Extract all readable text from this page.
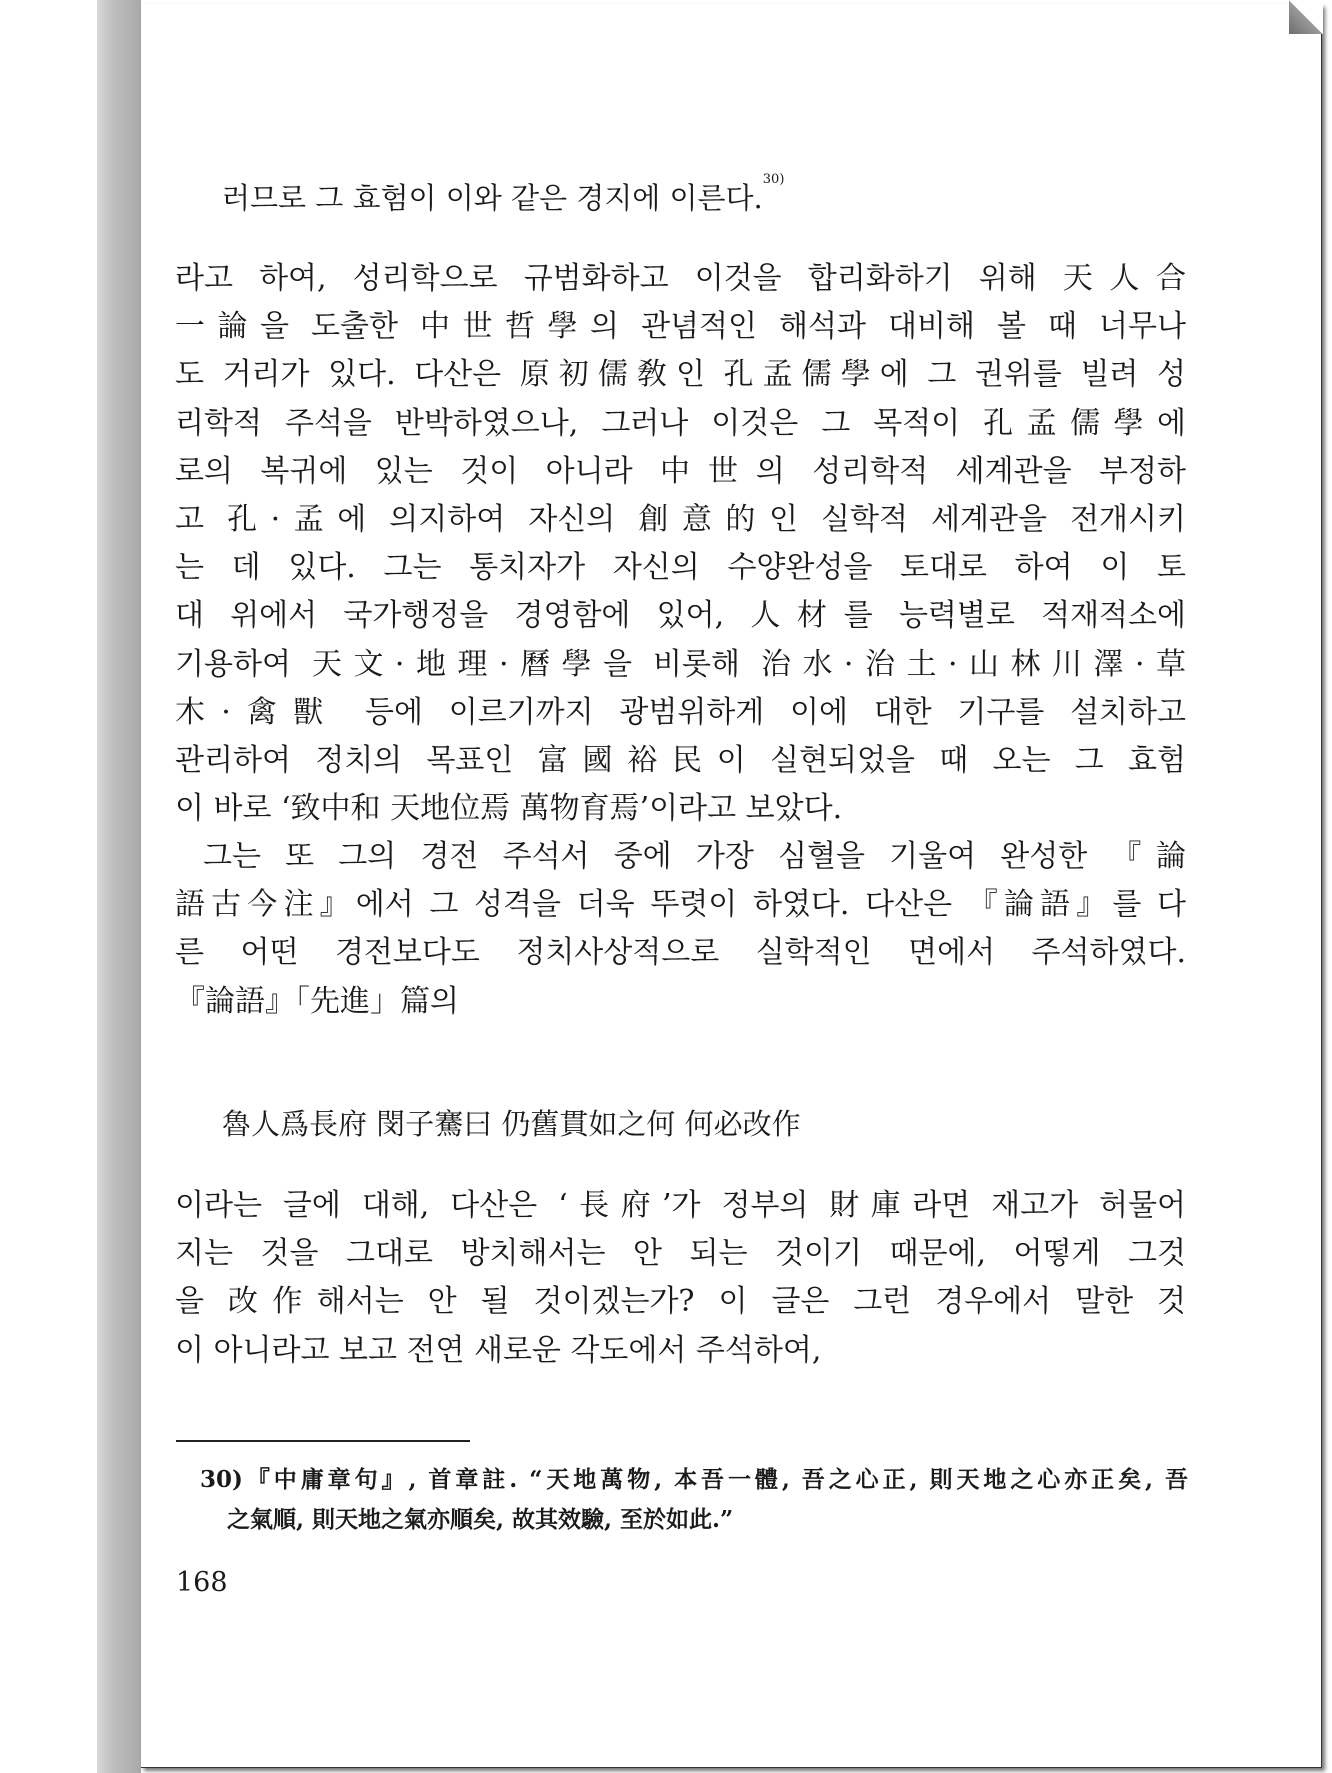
러므로 그 효험이 이와 같은 경지에 이른다.$^{30)}$
라고 하여, 성리학으로 규범화하고 이것을 합리화하기 위해 天人合
一論을 도출한 中世哲學의 관념적인 해석과 대비해 볼 때 너무나
도 거리가 있다. 다산은 原初儒敎인 孔孟儒學에 그 권위를 빌려 성
리학적 주석을 반박하였으나, 그러나 이것은 그 목적이 孔孟儒學에
로의 복귀에 있는 것이 아니라 中世의 성리학적 세계관을 부정하
고 孔·孟에 의지하여 자신의 創意的인 실학적 세계관을 전개시키
는 데 있다. 그는 통치자가 자신의 수양완성을 토대로 하여 이 토
대 위에서 국가행정을 경영함에 있어, 人材를 능력별로 적재적소에
기용하여 天文·地理·曆學을 비롯해 治水·治土·山林川澤·草
木·禽獸 등에 이르기까지 광범위하게 이에 대한 기구를 설치하고
관리하여 정치의 목표인 富國裕民이 실현되었을 때 오는 그 효험
이 바로 ‘致中和 天地位焉 萬物育焉’이라고 보았다.
그는 또 그의 경전 주석서 중에 가장 심혈을 기울여 완성한 『論
語古今注』에서 그 성격을 더욱 뚜렷이 하였다. 다산은 『論語』를 다
른 어떤 경전보다도 정치사상적으로 실학적인 면에서 주석하였다.
『論語』「先進」篇의
魯人爲長府 閔子騫曰 仍舊貫如之何 何必改作
이라는 글에 대해, 다산은 ‘長府’가 정부의 財庫라면 재고가 허물어
지는 것을 그대로 방치해서는 안 되는 것이기 때문에, 어떻게 그것
을 改作해서는 안 될 것이겠는가? 이 글은 그런 경우에서 말한 것
이 아니라고 보고 전연 새로운 각도에서 주석하여,
30)『中庸章句』, 首章註. “天地萬物, 本吾一體, 吾之心正, 則天地之心亦正矣, 吾
之氣順, 則天地之氣亦順矣, 故其效驗, 至於如此.”
168
